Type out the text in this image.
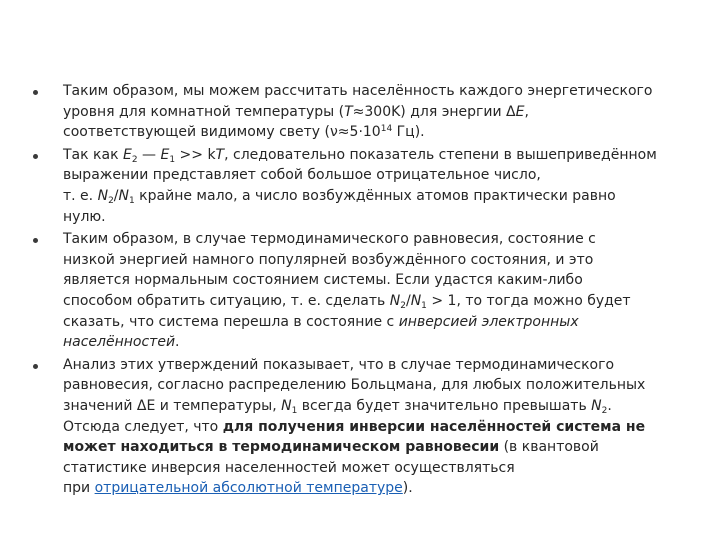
Таким образом, мы можем рассчитать населённость каждого энергетического
уровня для комнатной температуры (T≈300K) для энергии ΔE,
соответствующей видимому свету ($\nu\approx 5\cdot 10^{14}$ Гц).
Так как $E_2$ — $E_1$ >> kT, следовательно показатель степени в вышеприведённом
выражении представляет собой большое отрицательное число,
т. е. $N_2/N_1$ крайне мало, а число возбуждённых атомов практически равно
нулю.
Таким образом, в случае термодинамического равновесия, состояние с
низкой энергией намного популярней возбуждённого состояния, и это
является нормальным состоянием системы. Если удастся каким-либо
способом обратить ситуацию, т. е. сделать $N_2/N_1 > 1$, то тогда можно будет
сказать, что система перешла в состояние с инверсией электронных
населённостей.
Анализ этих утверждений показывает, что в случае термодинамического
равновесия, согласно распределению Больцмана, для любых положительных
значений ΔE и температуры, $N_1$ всегда будет значительно превышать $N_2$.
Отсюда следует, что для получения инверсии населённостей система не
может находиться в термодинамическом равновесии (в квантовой
статистике инверсия населенностей может осуществляться
при отрицательной абсолютной температуре).
